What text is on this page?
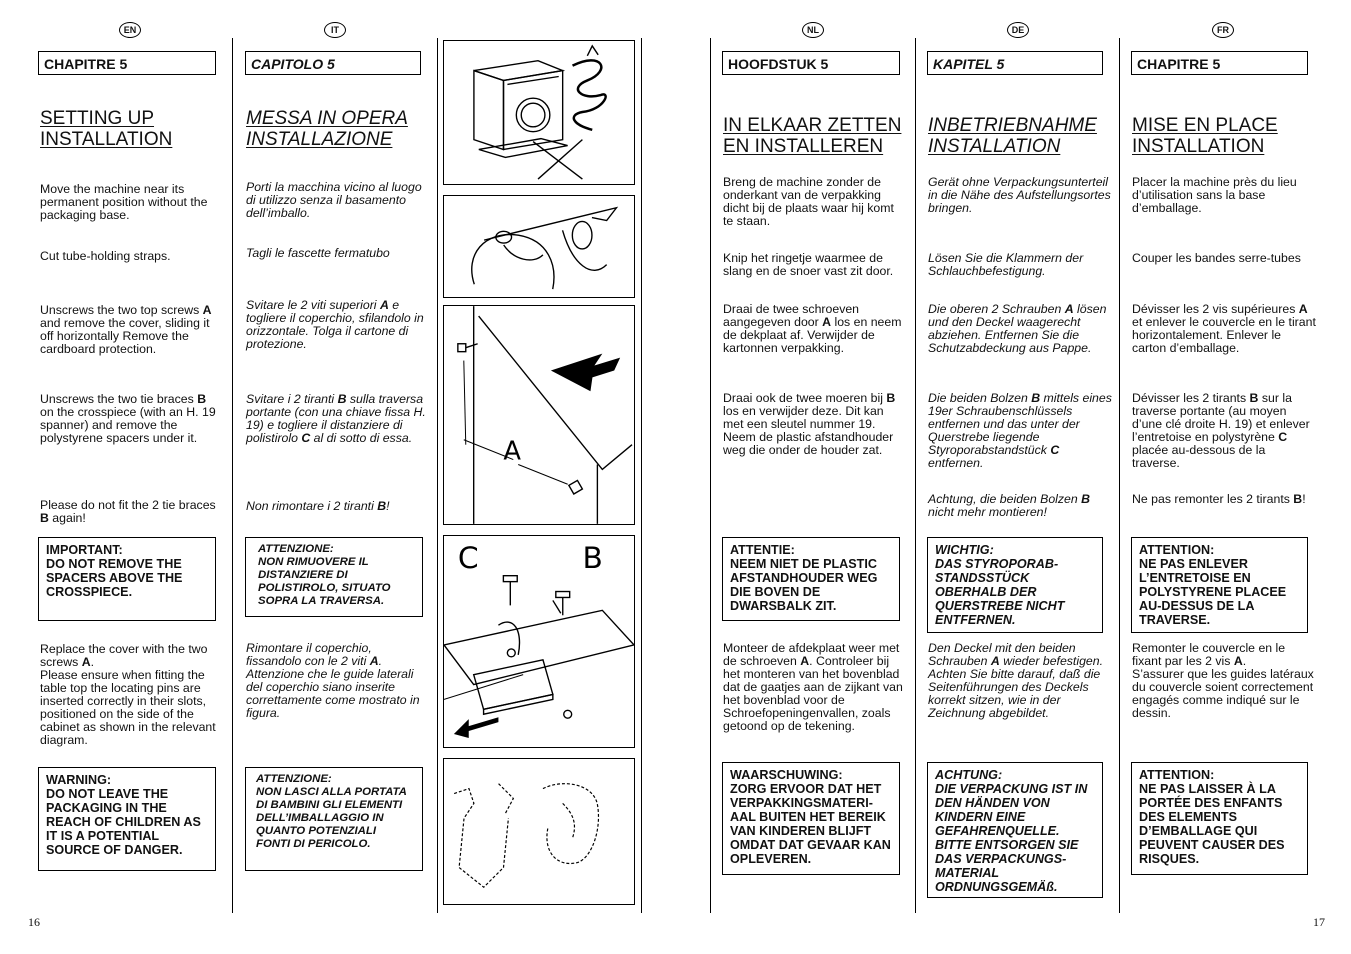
EN
CHAPITRE 5
SETTING UP
INSTALLATION
Move the machine near its permanent position without the packaging base.
Cut tube-holding straps.
Unscrews the two top screws A and remove the cover, sliding it off horizontally Remove the cardboard protection.
Unscrews the two tie braces B on the crosspiece (with an H. 19 spanner) and remove the polystyrene spacers under it.
Please do not fit the 2 tie braces B again!
IMPORTANT:
DO NOT REMOVE THE SPACERS ABOVE THE CROSSPIECE.
Replace the cover with the two screws A.
Please ensure when fitting the table top the locating pins are inserted correctly in their slots, positioned on the side of the cabinet as shown in the relevant diagram.
WARNING:
DO NOT LEAVE THE PACKAGING IN THE REACH OF CHILDREN AS IT IS A POTENTIAL SOURCE OF DANGER.
16
IT
CAPITOLO 5
MESSA IN OPERA
INSTALLAZIONE
Porti la macchina vicino al luogo di utilizzo senza il basamento dell’imballo.
Tagli le fascette fermatubo
Svitare le 2 viti superiori A e togliere il coperchio, sfilandolo in orizzontale. Tolga il cartone di protezione.
Svitare i 2 tiranti B sulla traversa portante (con una chiave fissa H. 19) e togliere il distanziere di polistirolo C al di sotto di essa.
Non rimontare i 2 tiranti B!
ATTENZIONE:
NON RIMUOVERE IL DISTANZIERE DI POLISTIROLO, SITUATO SOPRA LA TRAVERSA.
Rimontare il coperchio, fissandolo con le 2 viti A. Attenzione che le guide laterali del coperchio siano inserite correttamente come mostrato in figura.
ATTENZIONE:
NON LASCI ALLA PORTATA DI BAMBINI GLI ELEMENTI DELL’IMBALLAGGIO IN QUANTO POTENZIALI FONTI DI PERICOLO.
A
C	B
NL
HOOFDSTUK 5
IN ELKAAR ZETTEN
EN INSTALLEREN
Breng de machine zonder de onderkant van de verpakking dicht bij de plaats waar hij komt te staan.
Knip het ringetje waarmee de slang en de snoer vast zit door.
Draai de twee schroeven aangegeven door A los en neem de dekplaat af. Verwijder de kartonnen verpakking.
Draai ook de twee moeren bij B los en verwijder deze. Dit kan met een sleutel nummer 19. Neem de plastic afstandhouder weg die onder de houder zat.
ATTENTIE:
NEEM NIET DE PLASTIC AFSTANDHOUDER WEG DIE BOVEN DE DWARSBALK ZIT.
Monteer de afdekplaat weer met de schroeven A. Controleer bij het monteren van het bovenblad dat de gaatjes aan de zijkant van het bovenblad voor de Schroefopeningenvallen, zoals getoond op de tekening.
WAARSCHUWING:
ZORG ERVOOR DAT HET VERPAKKINGSMATERI-AAL BUITEN HET BEREIK VAN KINDEREN BLIJFT OMDAT DAT GEVAAR KAN OPLEVEREN.
DE
KAPITEL 5
INBETRIEBNAHME
INSTALLATION
Gerät ohne Verpackungsunterteil in die Nähe des Aufstellungsortes bringen.
Lösen Sie die Klammern der Schlauchbefestigung.
Die oberen 2 Schrauben A lösen und den Deckel waagerecht abziehen. Entfernen Sie die Schutzabdeckung aus Pappe.
Die beiden Bolzen B mittels eines 19er Schraubenschlüssels entfernen und das unter der Querstrebe liegende Styroporabstandstück C entfernen.
Achtung, die beiden Bolzen B nicht mehr montieren!
WICHTIG:
DAS STYROPORAB-STANDSSTÜCK OBERHALB DER QUERSTREBE NICHT ENTFERNEN.
Den Deckel mit den beiden Schrauben A wieder befestigen.
Achten Sie bitte darauf, daß die Seitenführungen des Deckels korrekt sitzen, wie in der Zeichnung abgebildet.
ACHTUNG:
DIE VERPACKUNG IST IN DEN HÄNDEN VON KINDERN EINE GEFAHRENQUELLE. BITTE ENTSORGEN SIE DAS VERPACKUNGS-MATERIAL ORDNUNGSGEMÄß.
FR
CHAPITRE 5
MISE EN PLACE
INSTALLATION
Placer la machine près du lieu d’utilisation sans la base d’emballage.
Couper les bandes serre-tubes
Dévisser les 2 vis supérieures A et enlever le couvercle en le tirant horizontalement. Enlever le carton d’emballage.
Dévisser les 2 tirants B sur la traverse portante (au moyen d’une clé droite H. 19) et enlever l’entretoise en polystyrène C placée au-dessous de la traverse.
Ne pas remonter les 2 tirants B!
ATTENTION:
NE PAS ENLEVER L’ENTRETOISE EN POLYSTYRENE PLACEE AU-DESSUS DE LA TRAVERSE.
Remonter le couvercle en le fixant par les 2 vis A.
S’assurer que les guides latéraux du couvercle soient correctement engagés comme indiqué sur le dessin.
ATTENTION:
NE PAS LAISSER À LA PORTÉE DES ENFANTS DES ELEMENTS D’EMBALLAGE QUI PEUVENT CAUSER DES RISQUES.
17
